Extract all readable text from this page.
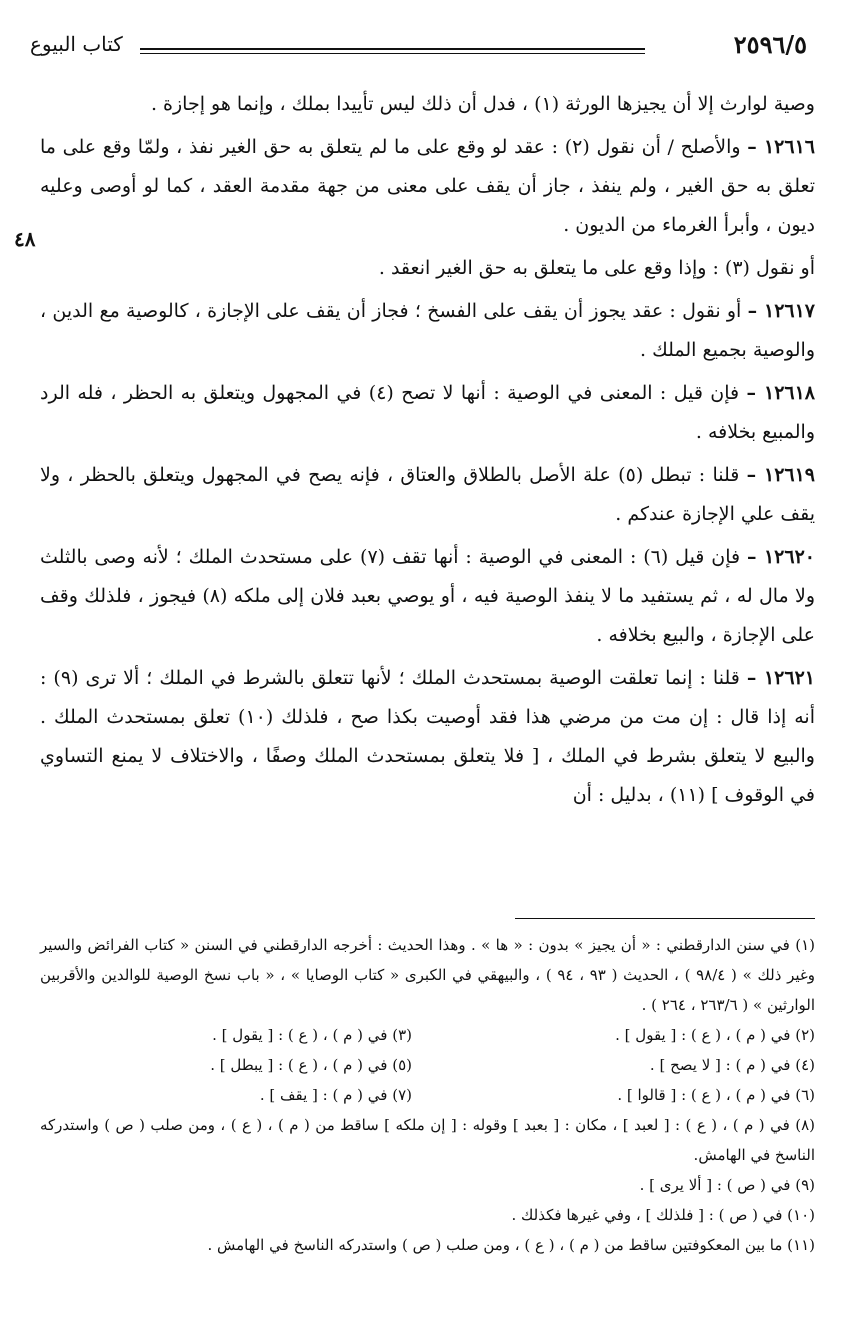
٢٥٩٦/٥
كتاب البيوع
٤٨

وصية لوارث إلا أن يجيزها الورثة (١) ، فدل أن ذلك ليس تأييدا بملك ، وإنما هو إجازة .

١٢٦١٦ – والأصلح / أن نقول (٢) : عقد لو وقع على ما لم يتعلق به حق الغير نفذ ، ولمّا وقع على ما تعلق به حق الغير ، ولم ينفذ ، جاز أن يقف على معنى من جهة مقدمة العقد ، كما لو أوصى وعليه ديون ، وأبرأ الغرماء من الديون .

أو نقول (٣) : وإذا وقع على ما يتعلق به حق الغير انعقد .

١٢٦١٧ – أو نقول : عقد يجوز أن يقف على الفسخ ؛ فجاز أن يقف على الإجازة ، كالوصية مع الدين ، والوصية بجميع الملك .

١٢٦١٨ – فإن قيل : المعنى في الوصية : أنها لا تصح (٤) في المجهول ويتعلق به الحظر ، فله الرد والمبيع بخلافه .

١٢٦١٩ – قلنا : تبطل (٥) علة الأصل بالطلاق والعتاق ، فإنه يصح في المجهول ويتعلق بالحظر ، ولا يقف علي الإجازة عندكم .

١٢٦٢٠ – فإن قيل (٦) : المعنى في الوصية : أنها تقف (٧) على مستحدث الملك ؛ لأنه وصى بالثلث ولا مال له ، ثم يستفيد ما لا ينفذ الوصية فيه ، أو يوصي بعبد فلان إلى ملكه (٨) فيجوز ، فلذلك وقف على الإجازة ، والبيع بخلافه .

١٢٦٢١ – قلنا : إنما تعلقت الوصية بمستحدث الملك ؛ لأنها تتعلق بالشرط في الملك ؛ ألا ترى (٩) : أنه إذا قال : إن مت من مرضي هذا فقد أوصيت بكذا صح ، فلذلك (١٠) تعلق بمستحدث الملك . والبيع لا يتعلق بشرط في الملك ، [ فلا يتعلق بمستحدث الملك وصفًا ، والاختلاف لا يمنع التساوي في الوقوف ] (١١) ، بدليل : أن

(١) في سنن الدارقطني : « أن يجيز » بدون : « ها » . وهذا الحديث : أخرجه الدارقطني في السنن « كتاب الفرائض والسير وغير ذلك » ( ٩٨/٤ ) ، الحديث ( ٩٣ ، ٩٤ ) ، والبيهقي في الكبرى « كتاب الوصايا » ، « باب نسخ الوصية للوالدين والأقربين الوارثين » ( ٢٦٣/٦ ، ٢٦٤ ) .

(٢) في ( م ) ، ( ع ) : [ يقول ] .
(٣) في ( م ) ، ( ع ) : [ يقول ] .
(٤) في ( م ) : [ لا يصح ] .
(٥) في ( م ) ، ( ع ) : [ يبطل ] .
(٦) في ( م ) ، ( ع ) : [ قالوا ] .
(٧) في ( م ) : [ يقف ] .

(٨) في ( م ) ، ( ع ) : [ لعبد ] ، مكان : [ بعبد ] وقوله : [ إن ملكه ] ساقط من ( م ) ، ( ع ) ، ومن صلب ( ص ) واستدركه الناسخ في الهامش.

(٩) في ( ص ) : [ ألا يرى ] .

(١٠) في ( ص ) : [ فلذلك ] ، وفي غيرها فكذلك .

(١١) ما بين المعكوفتين ساقط من ( م ) ، ( ع ) ، ومن صلب ( ص ) واستدركه الناسخ في الهامش .
